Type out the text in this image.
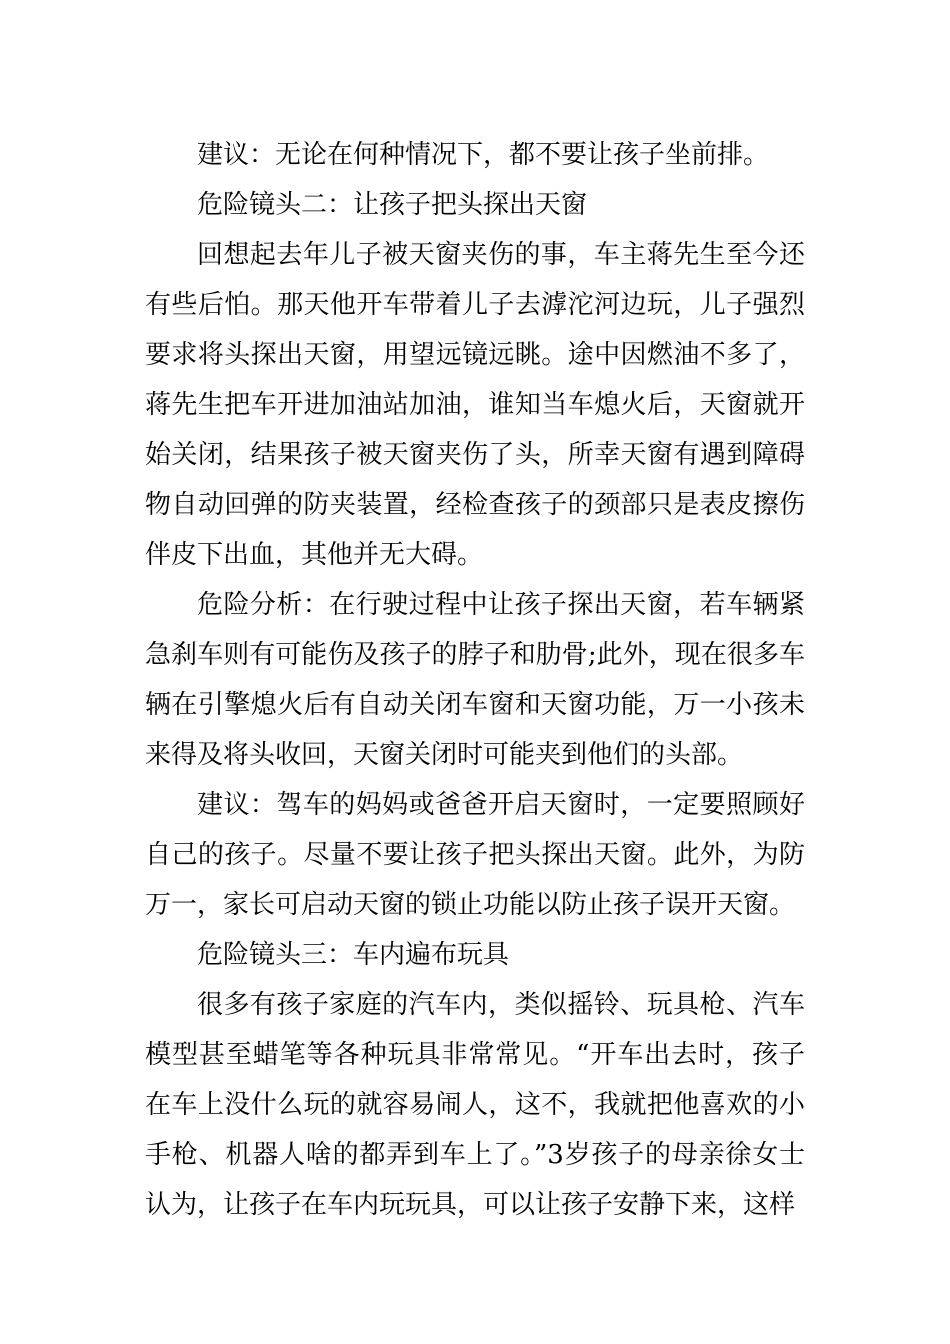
建议：无论在何种情况下，都不要让孩子坐前排。

危险镜头二：让孩子把头探出天窗

回想起去年儿子被天窗夹伤的事，车主蒋先生至今还有些后怕。那天他开车带着儿子去滹沱河边玩，儿子强烈要求将头探出天窗，用望远镜远眺。途中因燃油不多了，蒋先生把车开进加油站加油，谁知当车熄火后，天窗就开始关闭，结果孩子被天窗夹伤了头，所幸天窗有遇到障碍物自动回弹的防夹装置，经检查孩子的颈部只是表皮擦伤伴皮下出血，其他并无大碍。

危险分析：在行驶过程中让孩子探出天窗，若车辆紧急刹车则有可能伤及孩子的脖子和肋骨;此外，现在很多车辆在引擎熄火后有自动关闭车窗和天窗功能，万一小孩未来得及将头收回，天窗关闭时可能夹到他们的头部。

建议：驾车的妈妈或爸爸开启天窗时，一定要照顾好自己的孩子。尽量不要让孩子把头探出天窗。此外，为防万一，家长可启动天窗的锁止功能以防止孩子误开天窗。

危险镜头三：车内遍布玩具

很多有孩子家庭的汽车内，类似摇铃、玩具枪、汽车模型甚至蜡笔等各种玩具非常常见。“开车出去时，孩子在车上没什么玩的就容易闹人，这不，我就把他喜欢的小手枪、机器人啥的都弄到车上了。”3岁孩子的母亲徐女士认为，让孩子在车内玩玩具，可以让孩子安静下来，这样
